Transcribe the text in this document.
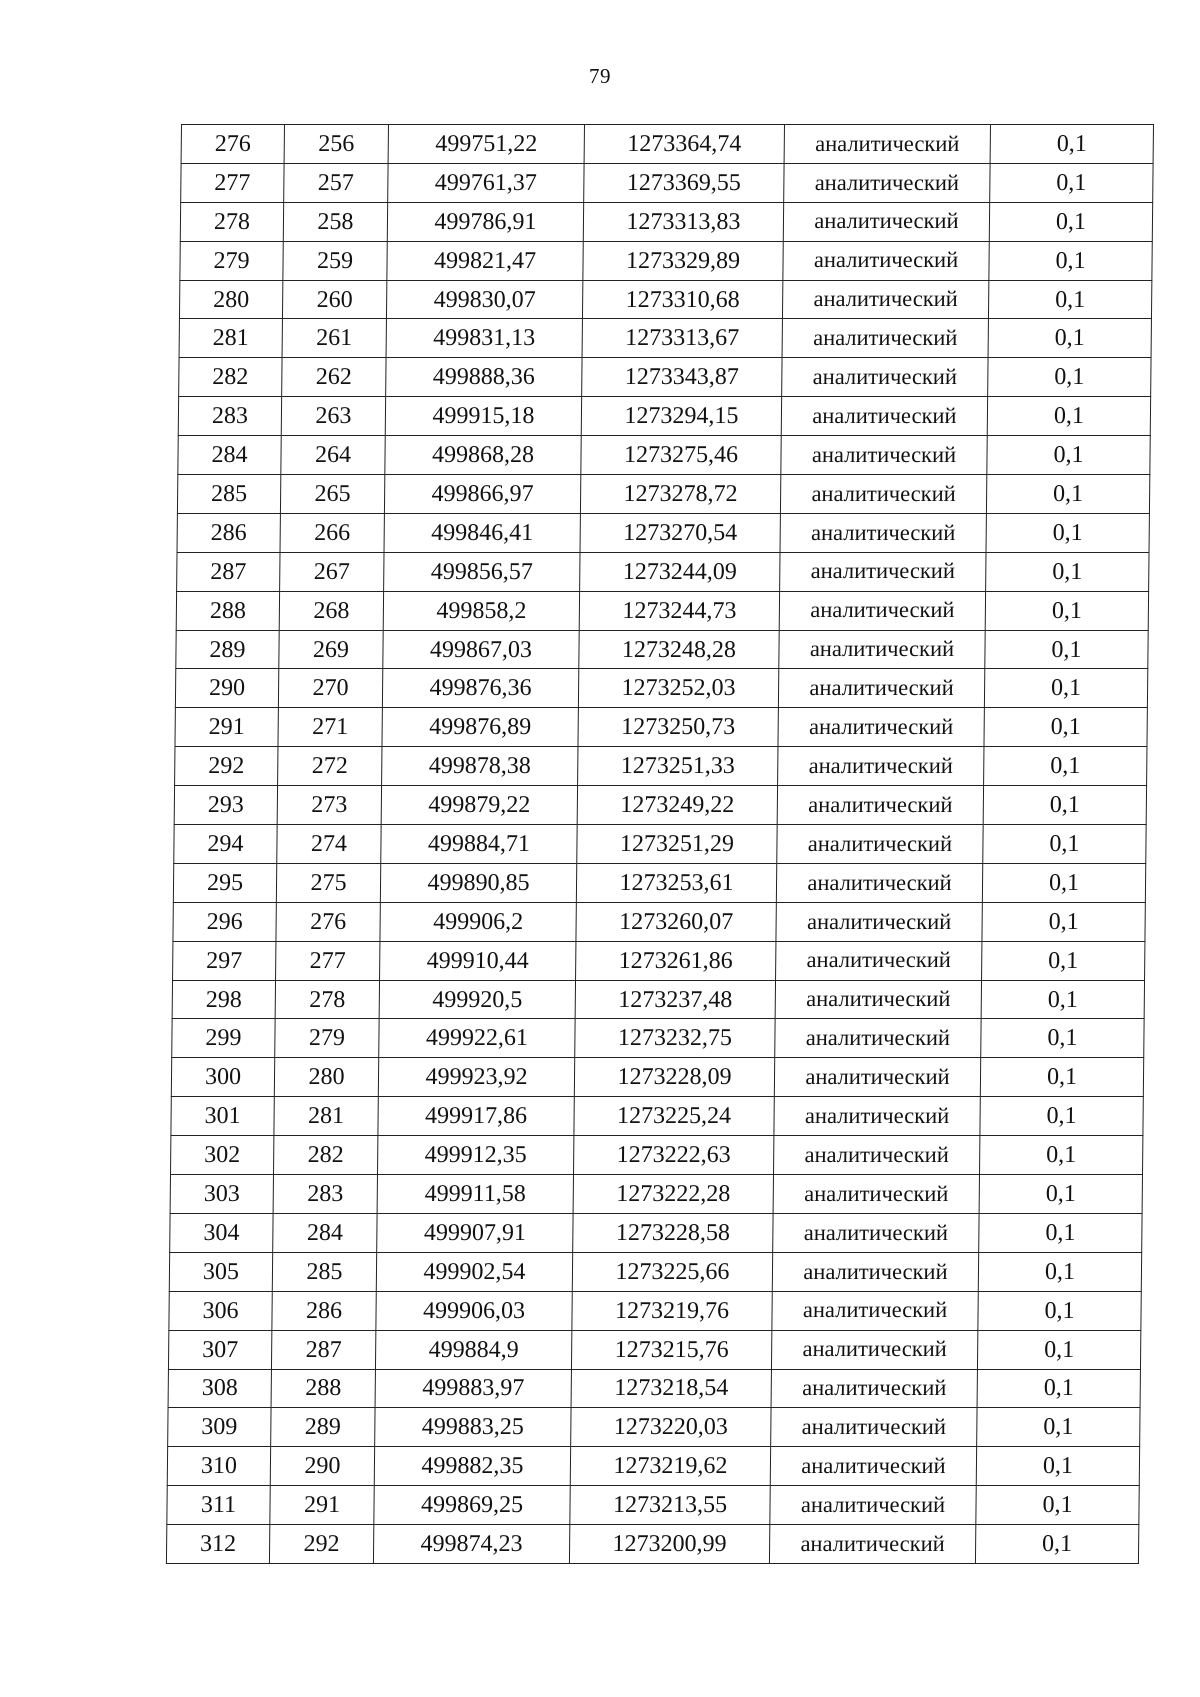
79
276	256	499751,22	1273364,74	аналитический	0,1
277	257	499761,37	1273369,55	аналитический	0,1
278	258	499786,91	1273313,83	аналитический	0,1
279	259	499821,47	1273329,89	аналитический	0,1
280	260	499830,07	1273310,68	аналитический	0,1
281	261	499831,13	1273313,67	аналитический	0,1
282	262	499888,36	1273343,87	аналитический	0,1
283	263	499915,18	1273294,15	аналитический	0,1
284	264	499868,28	1273275,46	аналитический	0,1
285	265	499866,97	1273278,72	аналитический	0,1
286	266	499846,41	1273270,54	аналитический	0,1
287	267	499856,57	1273244,09	аналитический	0,1
288	268	499858,2	1273244,73	аналитический	0,1
289	269	499867,03	1273248,28	аналитический	0,1
290	270	499876,36	1273252,03	аналитический	0,1
291	271	499876,89	1273250,73	аналитический	0,1
292	272	499878,38	1273251,33	аналитический	0,1
293	273	499879,22	1273249,22	аналитический	0,1
294	274	499884,71	1273251,29	аналитический	0,1
295	275	499890,85	1273253,61	аналитический	0,1
296	276	499906,2	1273260,07	аналитический	0,1
297	277	499910,44	1273261,86	аналитический	0,1
298	278	499920,5	1273237,48	аналитический	0,1
299	279	499922,61	1273232,75	аналитический	0,1
300	280	499923,92	1273228,09	аналитический	0,1
301	281	499917,86	1273225,24	аналитический	0,1
302	282	499912,35	1273222,63	аналитический	0,1
303	283	499911,58	1273222,28	аналитический	0,1
304	284	499907,91	1273228,58	аналитический	0,1
305	285	499902,54	1273225,66	аналитический	0,1
306	286	499906,03	1273219,76	аналитический	0,1
307	287	499884,9	1273215,76	аналитический	0,1
308	288	499883,97	1273218,54	аналитический	0,1
309	289	499883,25	1273220,03	аналитический	0,1
310	290	499882,35	1273219,62	аналитический	0,1
311	291	499869,25	1273213,55	аналитический	0,1
312	292	499874,23	1273200,99	аналитический	0,1
